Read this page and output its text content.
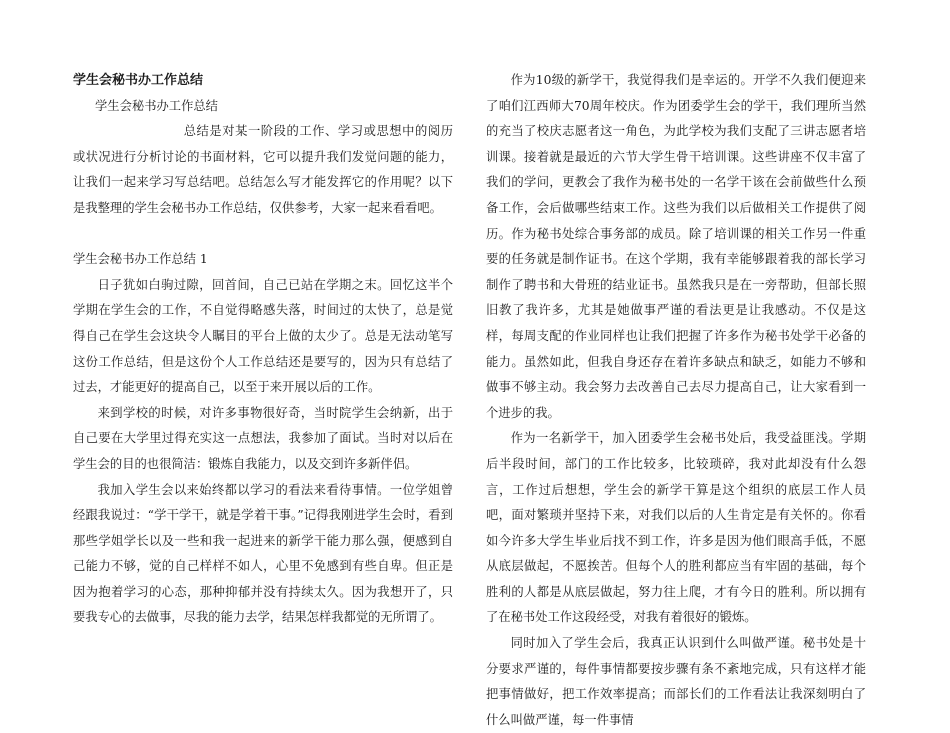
学生会秘书办工作总结

学生会秘书办工作总结

总结是对某一阶段的工作、学习或思想中的阅历或状况进行分析讨论的书面材料，它可以提升我们发觉问题的能力，让我们一起来学习写总结吧。总结怎么写才能发挥它的作用呢？以下是我整理的学生会秘书办工作总结，仅供参考，大家一起来看看吧。

学生会秘书办工作总结 1

日子犹如白驹过隙，回首间，自己已站在学期之末。回忆这半个学期在学生会的工作，不自觉得略感失落，时间过的太快了，总是觉得自己在学生会这块令人瞩目的平台上做的太少了。总是无法动笔写这份工作总结，但是这份个人工作总结还是要写的，因为只有总结了过去，才能更好的提高自己，以至于来开展以后的工作。

来到学校的时候，对许多事物很好奇，当时院学生会纳新，出于自己要在大学里过得充实这一点想法，我参加了面试。当时对以后在学生会的目的也很简洁：锻炼自我能力，以及交到许多新伴侣。

我加入学生会以来始终都以学习的看法来看待事情。一位学姐曾经跟我说过：“学干学干，就是学着干事。”记得我刚进学生会时，看到那些学姐学长以及一些和我一起进来的新学干能力那么强，便感到自己能力不够，觉的自己样样不如人，心里不免感到有些自卑。但正是因为抱着学习的心态，那种抑郁并没有持续太久。因为我想开了，只要我专心的去做事，尽我的能力去学，结果怎样我都觉的无所谓了。

作为10级的新学干，我觉得我们是幸运的。开学不久我们便迎来了咱们江西师大70周年校庆。作为团委学生会的学干，我们理所当然的充当了校庆志愿者这一角色，为此学校为我们支配了三讲志愿者培训课。接着就是最近的六节大学生骨干培训课。这些讲座不仅丰富了我们的学问，更教会了我作为秘书处的一名学干该在会前做些什么预备工作，会后做哪些结束工作。这些为我们以后做相关工作提供了阅历。作为秘书处综合事务部的成员。除了培训课的相关工作另一件重要的任务就是制作证书。在这个学期，我有幸能够跟着我的部长学习制作了聘书和大骨班的结业证书。虽然我只是在一旁帮助，但部长照旧教了我许多，尤其是她做事严谨的看法更是让我感动。不仅是这样，每周支配的作业同样也让我们把握了许多作为秘书处学干必备的能力。虽然如此，但我自身还存在着许多缺点和缺乏，如能力不够和做事不够主动。我会努力去改善自己去尽力提高自己，让大家看到一个进步的我。

作为一名新学干，加入团委学生会秘书处后，我受益匪浅。学期后半段时间，部门的工作比较多，比较琐碎，我对此却没有什么怨言，工作过后想想，学生会的新学干算是这个组织的底层工作人员吧，面对繁琐并坚持下来，对我们以后的人生肯定是有关怀的。你看如今许多大学生毕业后找不到工作，许多是因为他们眼高手低，不愿从底层做起，不愿挨苦。但每个人的胜利都应当有牢固的基础，每个胜利的人都是从底层做起，努力往上爬，才有今日的胜利。所以拥有了在秘书处工作这段经受，对我有着很好的锻炼。

同时加入了学生会后，我真正认识到什么叫做严谨。秘书处是十分要求严谨的，每件事情都要按步骤有条不紊地完成，只有这样才能把事情做好，把工作效率提高；而部长们的工作看法让我深刻明白了什么叫做严谨，每一件事情
